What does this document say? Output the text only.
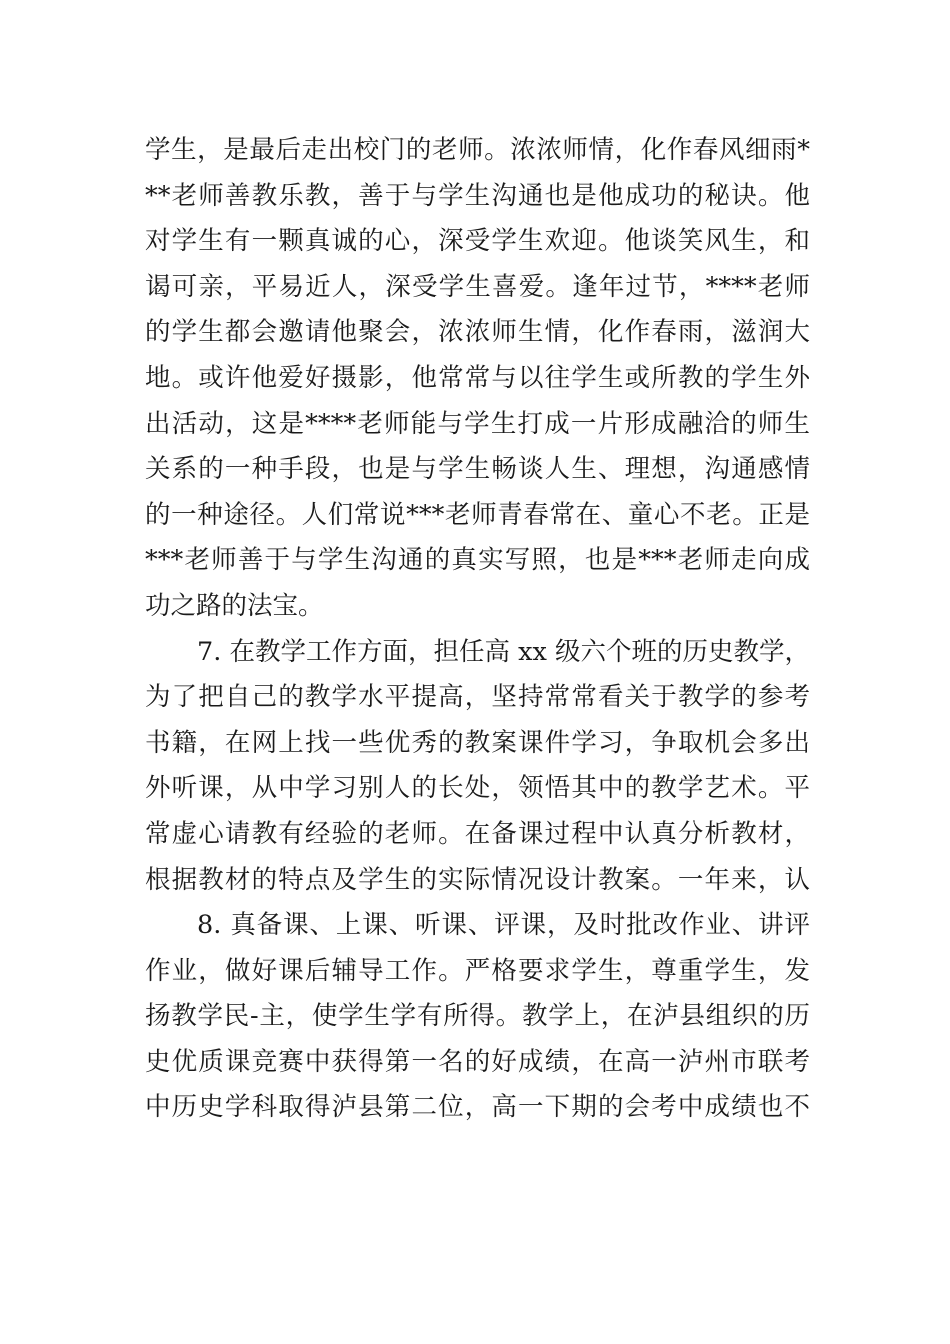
学生，是最后走出校门的老师。浓浓师情，化作春风细雨*
**老师善教乐教，善于与学生沟通也是他成功的秘诀。他
对学生有一颗真诚的心，深受学生欢迎。他谈笑风生，和
谒可亲，平易近人，深受学生喜爱。逢年过节，****老师
的学生都会邀请他聚会，浓浓师生情，化作春雨，滋润大
地。或许他爱好摄影，他常常与以往学生或所教的学生外
出活动，这是****老师能与学生打成一片形成融洽的师生
关系的一种手段，也是与学生畅谈人生、理想，沟通感情
的一种途径。人们常说***老师青春常在、童心不老。正是
***老师善于与学生沟通的真实写照，也是***老师走向成
功之路的法宝。
7. 在教学工作方面，担任高 xx 级六个班的历史教学，
为了把自己的教学水平提高，坚持常常看关于教学的参考
书籍，在网上找一些优秀的教案课件学习，争取机会多出
外听课，从中学习别人的长处，领悟其中的教学艺术。平
常虚心请教有经验的老师。在备课过程中认真分析教材，
根据教材的特点及学生的实际情况设计教案。一年来，认
8. 真备课、上课、听课、评课，及时批改作业、讲评
作业，做好课后辅导工作。严格要求学生，尊重学生，发
扬教学民-主，使学生学有所得。教学上，在泸县组织的历
史优质课竞赛中获得第一名的好成绩，在高一泸州市联考
中历史学科取得泸县第二位，高一下期的会考中成绩也不
